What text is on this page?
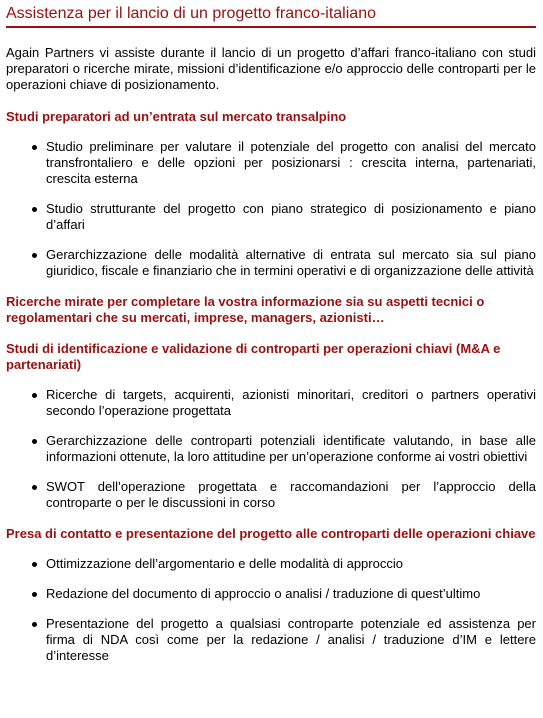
Assistenza per il lancio di un progetto franco-italiano

Again Partners vi assiste durante il lancio di un progetto d’affari franco-italiano con studi preparatori o ricerche mirate, missioni d’identificazione e/o approccio delle controparti per le operazioni chiave di posizionamento.

Studi preparatori ad un’entrata sul mercato transalpino
Studio preliminare per valutare il potenziale del progetto con analisi del mercato transfrontaliero e delle opzioni per posizionarsi : crescita interna, partenariati, crescita esterna
Studio strutturante del progetto con piano strategico di posizionamento e piano d’affari
Gerarchizzazione delle modalità alternative di entrata sul mercato sia sul piano giuridico, fiscale e finanziario che in termini operativi e di organizzazione delle attività
Ricerche mirate per completare la vostra informazione sia su aspetti tecnici o regolamentari che su mercati, imprese, managers, azionisti…
Studi di identificazione e validazione di controparti per operazioni chiavi (M&A e partenariati)
Ricerche di targets, acquirenti, azionisti minoritari, creditori o partners operativi secondo l’operazione progettata
Gerarchizzazione delle controparti potenziali identificate valutando, in base alle informazioni ottenute, la loro attitudine per un’operazione conforme ai vostri obiettivi
SWOT dell’operazione progettata e raccomandazioni per l’approccio della controparte o per le discussioni in corso
Presa di contatto e presentazione del progetto alle controparti delle operazioni chiave
Ottimizzazione dell’argomentario e delle modalità di approccio
Redazione del documento di approccio o analisi / traduzione di quest’ultimo
Presentazione del progetto a qualsiasi controparte potenziale ed assistenza per firma di NDA così come per la redazione / analisi / traduzione d’IM e lettere d’interesse
